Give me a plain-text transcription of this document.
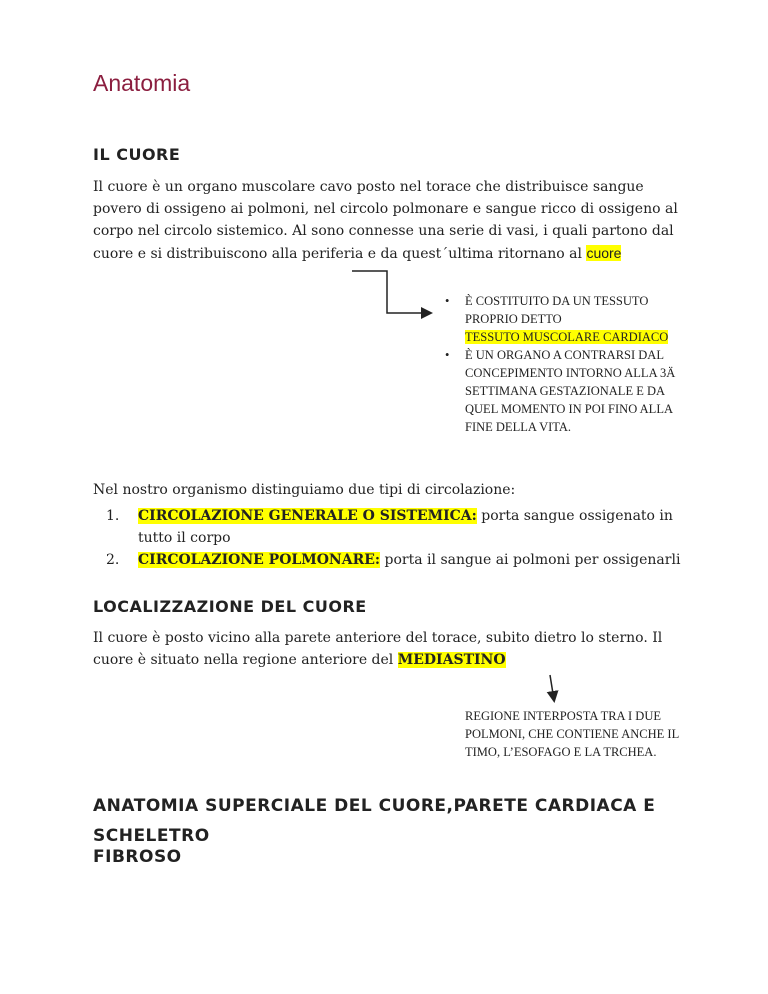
Anatomia
IL CUORE

Il cuore è un organo muscolare cavo posto nel torace che distribuisce sangue povero di ossigeno ai polmoni, nel circolo polmonare e sangue ricco di ossigeno al corpo nel circolo sistemico. Al sono connesse una serie di vasi, i quali partono dal cuore e si distribuiscono alla periferia e da quest´ultima ritornano al cuore

• È COSTITUITO DA UN TESSUTO PROPRIO DETTO
TESSUTO MUSCOLARE CARDIACO
• È UN ORGANO A CONTRARSI DAL CONCEPIMENTO INTORNO ALLA 3Ä SETTIMANA GESTAZIONALE E DA QUEL MOMENTO IN POI FINO ALLA FINE DELLA VITA.

Nel nostro organismo distinguiamo due tipi di circolazione:

1. CIRCOLAZIONE GENERALE O SISTEMICA: porta sangue ossigenato in tutto il corpo
2. CIRCOLAZIONE POLMONARE: porta il sangue ai polmoni per ossigenarli
LOCALIZZAZIONE DEL CUORE

Il cuore è posto vicino alla parete anteriore del torace, subito dietro lo sterno. Il cuore è situato nella regione anteriore del MEDIASTINO

REGIONE INTERPOSTA TRA I DUE POLMONI, CHE CONTIENE ANCHE IL TIMO, L’ESOFAGO E LA TRCHEA.
ANATOMIA SUPERCIALE DEL CUORE,PARETE CARDIACA E
SCHELETRO
FIBROSO
